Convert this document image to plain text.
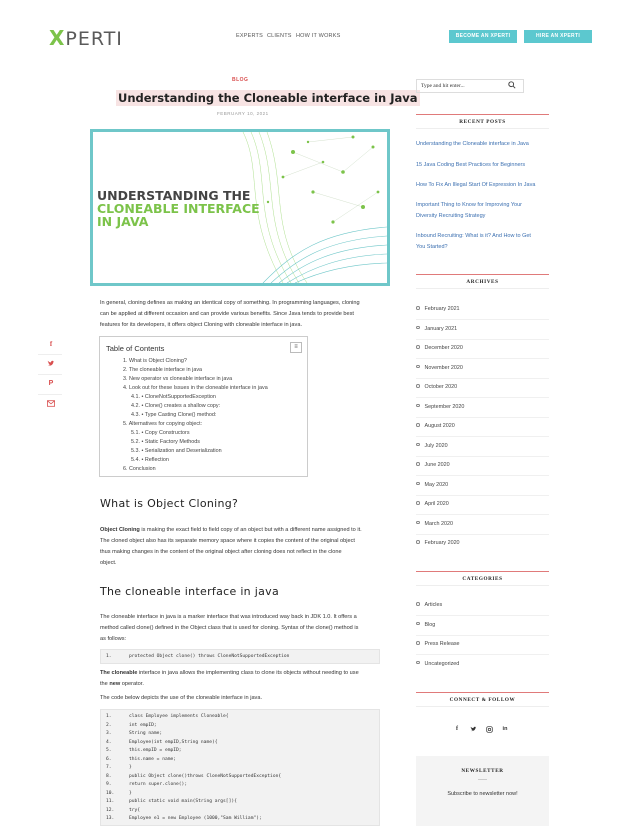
XPERTI	EXPERTS CLIENTS HOW IT WORKS	BECOME AN XPERTI	HIRE AN XPERTI
BLOG
Understanding the Cloneable interface in Java
FEBRUARY 10, 2021
UNDERSTANDING THE
CLONEABLE INTERFACE
IN JAVA

In general, cloning defines as making an identical copy of something. In programming languages, cloning

can be applied at different occasion and can provide various benefits. Since Java tends to provide best

features for its developers, it offers object Cloning with cloneable interface in java.

Table of Contents	≡
1. What is Object Cloning?
2. The cloneable interface in java
3. New operator vs cloneable interface in java
4. Look out for these Issues in the cloneable interface in java
4.1. • CloneNotSupportedException
4.2. • Clone() creates a shallow copy:
4.3. • Type Casting Clone() method:
5. Alternatives for copying object:
5.1. • Copy Constructors
5.2. • Static Factory Methods
5.3. • Serialization and Deserialization
5.4. • Reflection
6. Conclusion
f
P
What is Object Cloning?

Object Cloning is making the exact field to field copy of an object but with a different name assigned to it.

The cloned object also has its separate memory space where it copies the content of the original object

thus making changes in the content of the original object after cloning does not reflect in the clone

object.

The cloneable interface in java

The cloneable interface in java is a marker interface that was introduced way back in JDK 1.0. It offers a

method called clone() defined in the Object class that is used for cloning. Syntax of the clone() method is

as follows:

1.	protected Object clone() throws CloneNotSupportedException

The cloneable interface in java allows the implementing class to clone its objects without needing to use

the new operator.

The code below depicts the use of the cloneable interface in java.

1.	class Employee implements Cloneable{
2.	int empID;
3.	String name;
4.	Employee(int empID,String name){
5.	this.empID = empID;
6.	this.name = name;
7.	}
8.	public Object clone()throws CloneNotSupportedException{
9.	return super.clone();
10.	}
11.	public static void main(String args[]){
12.	try{
13.	Employee e1 = new Employee (1000,"Sam William");
Type and hit enter...
RECENT POSTS
Understanding the Cloneable interface in Java
15 Java Coding Best Practices for Beginners
How To Fix An Illegal Start Of Expression In Java
Important Thing to Know for Improving Your
Diversity Recruiting Strategy
Inbound Recruiting: What is it? And How to Get
You Started?
ARCHIVES
February 2021
January 2021
December 2020
November 2020
October 2020
September 2020
August 2020
July 2020
June 2020
May 2020
April 2020
March 2020
February 2020
CATEGORIES
Articles
Blog
Press Release
Uncategorized
CONNECT & FOLLOW
f	in
NEWSLETTER
Subscribe to newsletter now!
